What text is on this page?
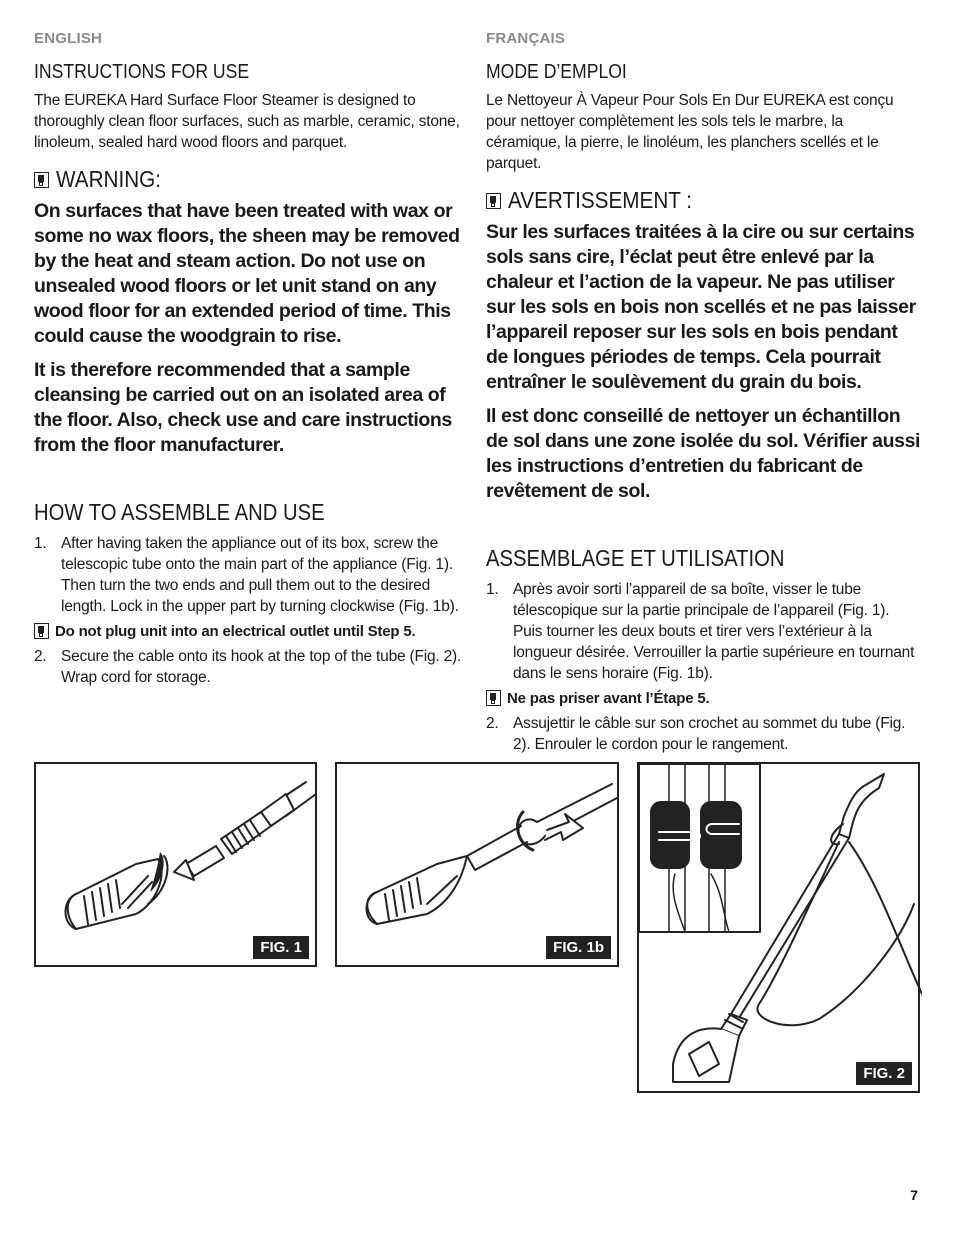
ENGLISH
INSTRUCTIONS FOR USE

The EUREKA Hard Surface Floor Steamer is designed to thoroughly clean floor surfaces, such as marble, ceramic, stone, linoleum, sealed hard wood floors and parquet.

WARNING:

On surfaces that have been treated with wax or some no wax floors, the sheen may be removed by the heat and steam action. Do not use on unsealed wood floors or let unit stand on any wood floor for an extended period of time. This could cause the woodgrain to rise.

It is therefore recommended that a sample cleansing be carried out on an isolated area of the floor. Also, check use and care instructions from the floor manufacturer.

HOW TO ASSEMBLE AND USE
1. After having taken the appliance out of its box, screw the telescopic tube onto the main part of the appliance (Fig. 1). Then turn the two ends and pull them out to the desired length. Lock in the upper part by turning clockwise (Fig. 1b).
Do not plug unit into an electrical outlet until Step 5.
2. Secure the cable onto its hook at the top of the tube (Fig. 2). Wrap cord for storage.
FRANÇAIS
MODE D’EMPLOI

Le Nettoyeur À Vapeur Pour Sols En Dur EUREKA est conçu pour nettoyer complètement les sols tels le marbre, la céramique, la pierre, le linoléum, les planchers scellés et le parquet.

AVERTISSEMENT :

Sur les surfaces traitées à la cire ou sur certains sols sans cire, l’éclat peut être enlevé par la chaleur et l’action de la vapeur. Ne pas utiliser sur les sols en bois non scellés et ne pas laisser l’appareil reposer sur les sols en bois pendant de longues périodes de temps. Cela pourrait entraîner le soulèvement du grain du bois.

Il est donc conseillé de nettoyer un échantillon de sol dans une zone isolée du sol. Vérifier aussi les instructions d’entretien du fabricant de revêtement de sol.

ASSEMBLAGE ET UTILISATION
1. Après avoir sorti l’appareil de sa boîte, visser le tube télescopique sur la partie principale de l’appareil (Fig. 1). Puis tourner les deux bouts et tirer vers l’extérieur à la longueur désirée. Verrouiller la partie supérieure en tournant dans le sens horaire (Fig. 1b).
Ne pas priser avant l’Étape 5.
2. Assujettir le câble sur son crochet au sommet du tube (Fig. 2). Enrouler le cordon pour le rangement.
FIG. 1	FIG. 1b
FIG. 2
7
